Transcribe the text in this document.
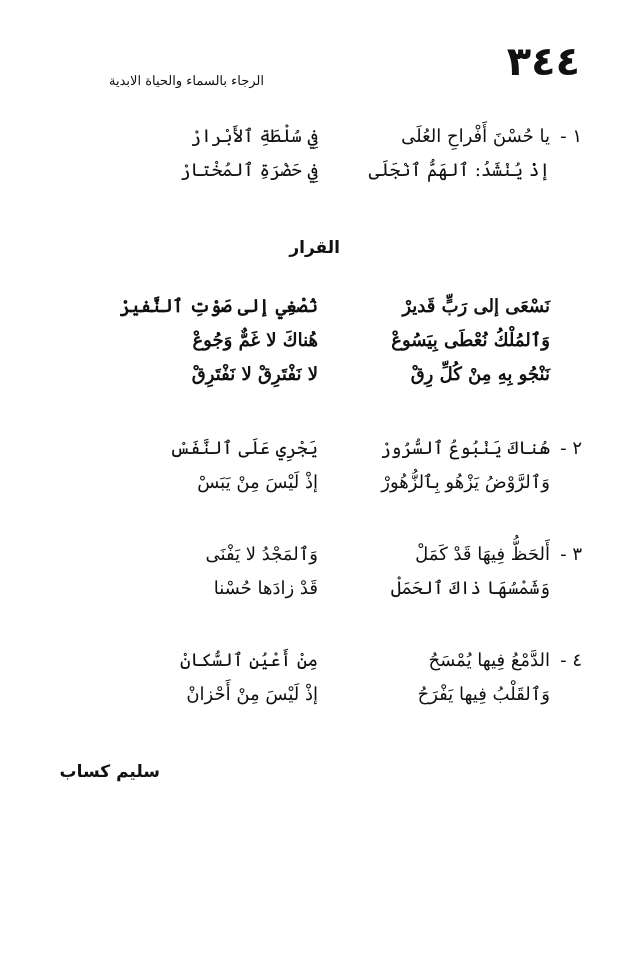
٣٤٤
الرجاء بالسماء والحياة الابدية
١ -
يا حُسْنَ أَفْراحِ العُلَى
فِي سُلْطَةِ ٱلأَبْرارْ
إذْ يُنْشَدُ: ٱلهَمُّ ٱنْجَلَى
فِي حَضْرَةِ ٱلمُخْتارْ
القرار
نَسْعَى إلى رَبٍّ قَديرْ
نُصْغِي إلى صَوْتِ ٱلنَّفيرْ
وَٱلمُلْكُ نُعْطَى بِيَسُوعْ
هُناكَ لا غَمٌّ وَجُوعْ
نَنْجُو بِهِ مِنْ كُلِّ رِقْ
لا نَفْتَرِقْ لا نَفْتَرِقْ
٢ -
هُناكَ يَنْبُوعُ ٱلسُّرُورْ
يَجْرِي عَلَى ٱلنَّفَسْ
وَٱلرَّوْضُ يَزْهُو بِٱلزُّهُورْ
إذْ لَيْسَ مِنْ يَبَسْ
٣ -
أَلحَظُّ فِيهَا قَدْ كَمَلْ
وَٱلمَجْدُ لا يَفْنَى
وَشَمْسُهَا ذاكَ ٱلحَمَلْ
قَدْ زادَها حُسْنا
٤ -
الدَّمْعُ فِيها يُمْسَحُ
مِنْ أَعْيُنِ ٱلسُّكانْ
وَٱلقَلْبُ فِيها يَفْرَحُ
إذْ لَيْسَ مِنْ أَحْزانْ
سليم كساب
